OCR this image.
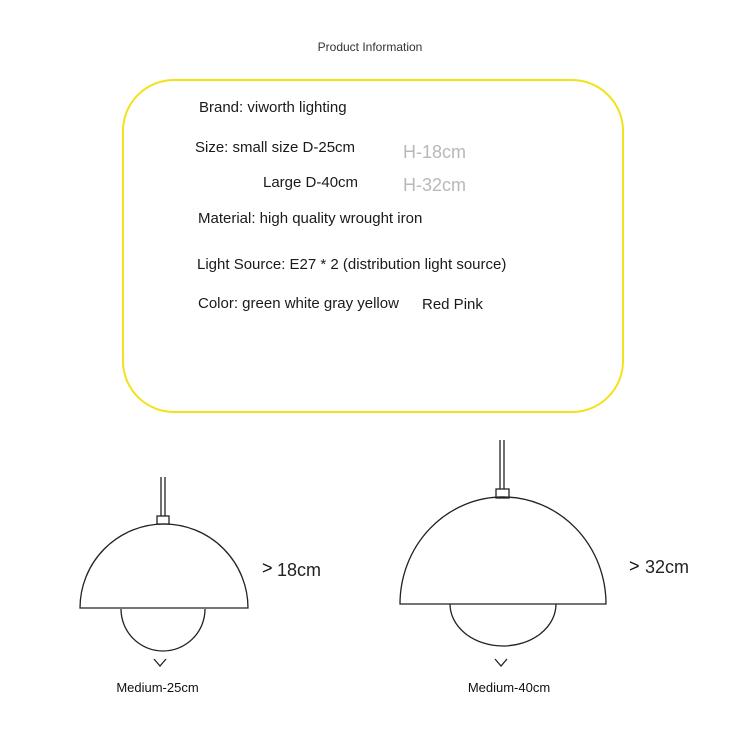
Product Information
Brand: viworth lighting
Size: small size D-25cm	H-18cm
Large D-40cm H-32cm
Material: high quality wrought iron
Light Source: E27 * 2 (distribution light source)
Color: green white gray yellow Red Pink
> 18cm
Medium-25cm
> 32cm
Medium-40cm
